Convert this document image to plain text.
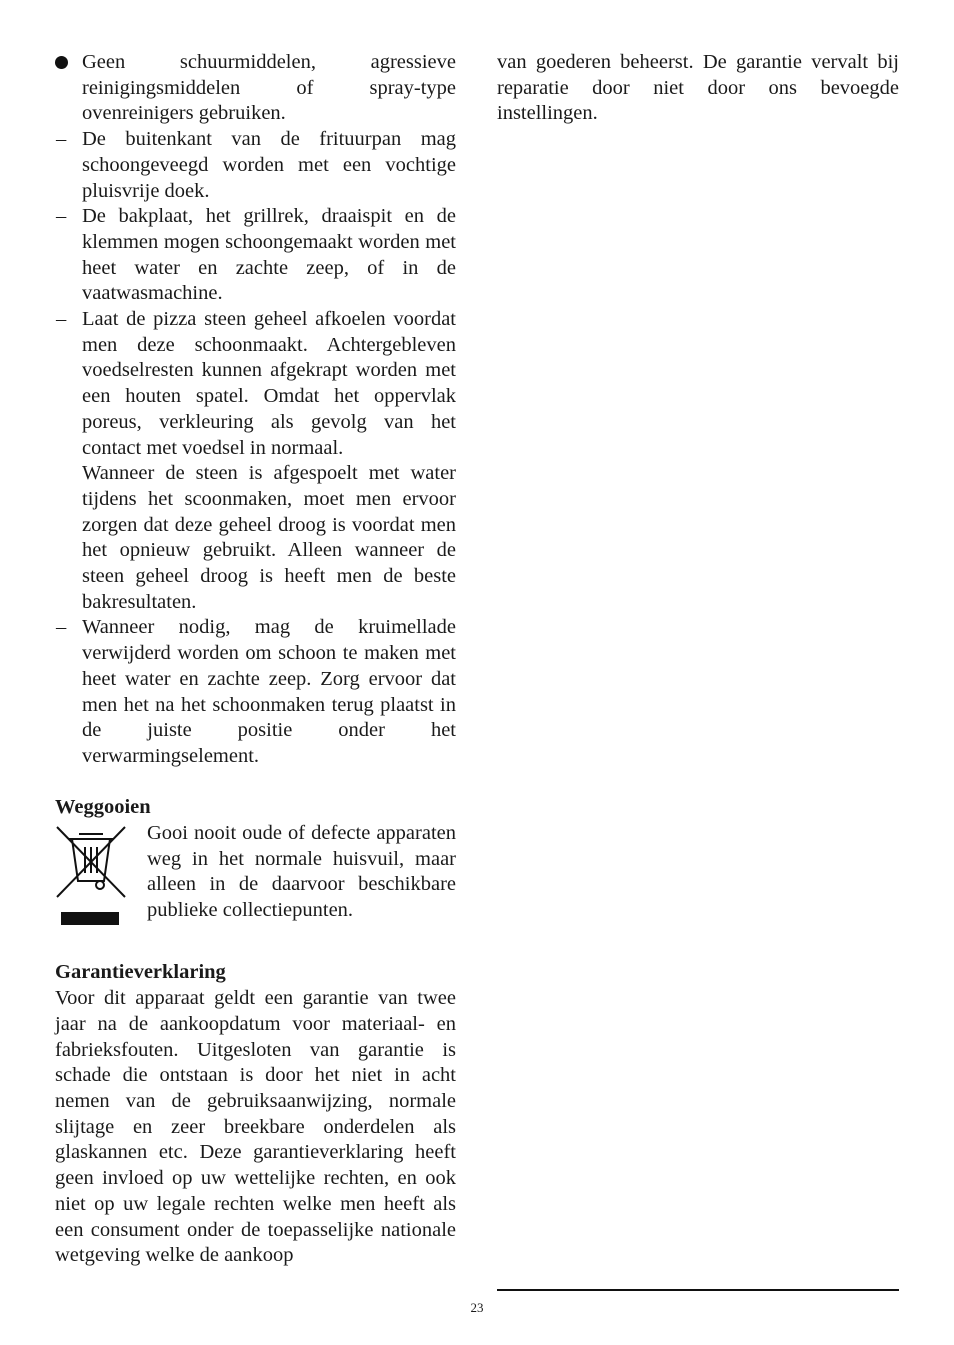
Geen schuurmiddelen, agressieve reinigingsmiddelen of spray-type ovenreinigers gebruiken.
– De buitenkant van de frituurpan mag schoongeveegd worden met een vochtige pluisvrije doek.
– De bakplaat, het grillrek, draaispit en de klemmen mogen schoongemaakt worden met heet water en zachte zeep, of in de vaatwasmachine.
– Laat de pizza steen geheel afkoelen voordat men deze schoonmaakt. Achtergebleven voedselresten kunnen afgekrapt worden met een houten spatel. Omdat het oppervlak poreus, verkleuring als gevolg van het contact met voedsel in normaal.
Wanneer de steen is afgespoelt met water tijdens het scoonmaken, moet men ervoor zorgen dat deze geheel droog is voordat men het opnieuw gebruikt. Alleen wanneer de steen geheel droog is heeft men de beste bakresultaten.
– Wanneer nodig, mag de kruimellade verwijderd worden om schoon te maken met heet water en zachte zeep. Zorg ervoor dat men het na het schoonmaken terug plaatst in de juiste positie onder het verwarmingselement.
Weggooien

Gooi nooit oude of defecte apparaten weg in het normale huisvuil, maar alleen in de daarvoor beschikbare publieke collectiepunten.

Garantieverklaring

Voor dit apparaat geldt een garantie van twee jaar na de aankoopdatum voor materiaal- en fabrieksfouten. Uitgesloten van garantie is schade die ontstaan is door het niet in acht nemen van de gebruiksaanwijzing, normale slijtage en zeer breekbare onderdelen als glaskannen etc. Deze garantieverklaring heeft geen invloed op uw wettelijke rechten, en ook niet op uw legale rechten welke men heeft als een consument onder de toepasselijke nationale wetgeving welke de aankoop

van goederen beheerst. De garantie vervalt bij reparatie door niet door ons bevoegde instellingen.

23
